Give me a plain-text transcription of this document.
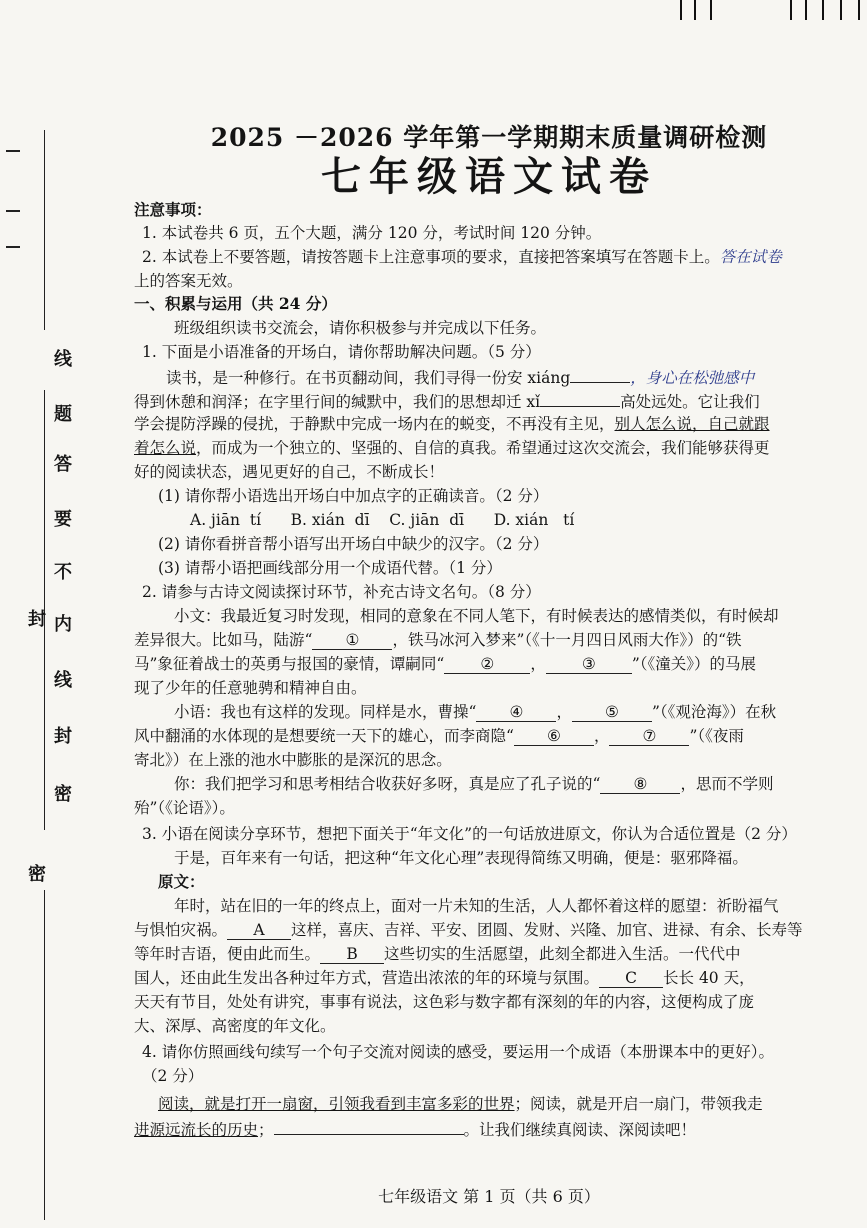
线
题
答
要
不
内
线
封
密
封
密
2025 －2026 学年第一学期期末质量调研检测
七年级语文试卷
注意事项：
1. 本试卷共 6 页，五个大题，满分 120 分，考试时间 120 分钟。
2. 本试卷上不要答题，请按答题卡上注意事项的要求，直接把答案填写在答题卡上。答在试卷
上的答案无效。
一、积累与运用（共 24 分）
班级组织读书交流会，请你积极参与并完成以下任务。
1. 下面是小语准备的开场白，请你帮助解决问题。（5 分）
读书，是一种修行。在书页翻动间，我们寻得一份安 xiáng	，身心在松弛感中
得到休憩和润泽；在字里行间的缄默中，我们的思想却迁 xǐ	高处远处。它让我们
学会提防浮躁的侵扰，于静默中完成一场内在的蜕变，不再没有主见，别人怎么说，自己就跟
着怎么说，而成为一个独立的、坚强的、自信的真我。希望通过这次交流会，我们能够获得更
好的阅读状态，遇见更好的自己，不断成长！
(1) 请你帮小语选出开场白中加点字的正确读音。（2 分）
A. jiān  tí      B. xián  dī    C. jiān  dī      D. xián   tí
(2) 请你看拼音帮小语写出开场白中缺少的汉字。（2 分）
(3) 请帮小语把画线部分用一个成语代替。（1 分）
2. 请参与古诗文阅读探讨环节，补充古诗文名句。（8 分）
小文：我最近复习时发现，相同的意象在不同人笔下，有时候表达的感情类似，有时候却
差异很大。比如马，陆游“ ① ，铁马冰河入梦来”（《十一月四日风雨大作》）的“铁
马”象征着战士的英勇与报国的豪情，谭嗣同“ ② ， ③ ”（《潼关》）的马展
现了少年的任意驰骋和精神自由。
小语：我也有这样的发现。同样是水，曹操“ ④ ， ⑤ ”（《观沧海》）在秋
风中翻涌的水体现的是想要统一天下的雄心，而李商隐“ ⑥ ， ⑦ ”（《夜雨
寄北》）在上涨的池水中膨胀的是深沉的思念。
你：我们把学习和思考相结合收获好多呀，真是应了孔子说的“ ⑧ ，思而不学则
殆”（《论语》）。
3. 小语在阅读分享环节，想把下面关于“年文化”的一句话放进原文，你认为合适位置是（2 分）
于是，百年来有一句话，把这种“年文化心理”表现得简练又明确，便是：驱邪降福。
原文：
年时，站在旧的一年的终点上，面对一片未知的生活，人人都怀着这样的愿望：祈盼福气
与惧怕灾祸。 A 这样，喜庆、吉祥、平安、团圆、发财、兴隆、加官、进禄、有余、长寿等
等年时吉语，便由此而生。 B 这些切实的生活愿望，此刻全都进入生活。一代代中
国人，还由此生发出各种过年方式，营造出浓浓的年的环境与氛围。 C 长长 40 天，
天天有节目，处处有讲究，事事有说法，这色彩与数字都有深刻的年的内容，这便构成了庞
大、深厚、高密度的年文化。
4. 请你仿照画线句续写一个句子交流对阅读的感受，要运用一个成语（本册课本中的更好）。
（2 分）
阅读，就是打开一扇窗，引领我看到丰富多彩的世界；阅读，就是开启一扇门，带领我走
进源远流长的历史；	。让我们继续真阅读、深阅读吧！
七年级语文 第 1 页（共 6 页）
